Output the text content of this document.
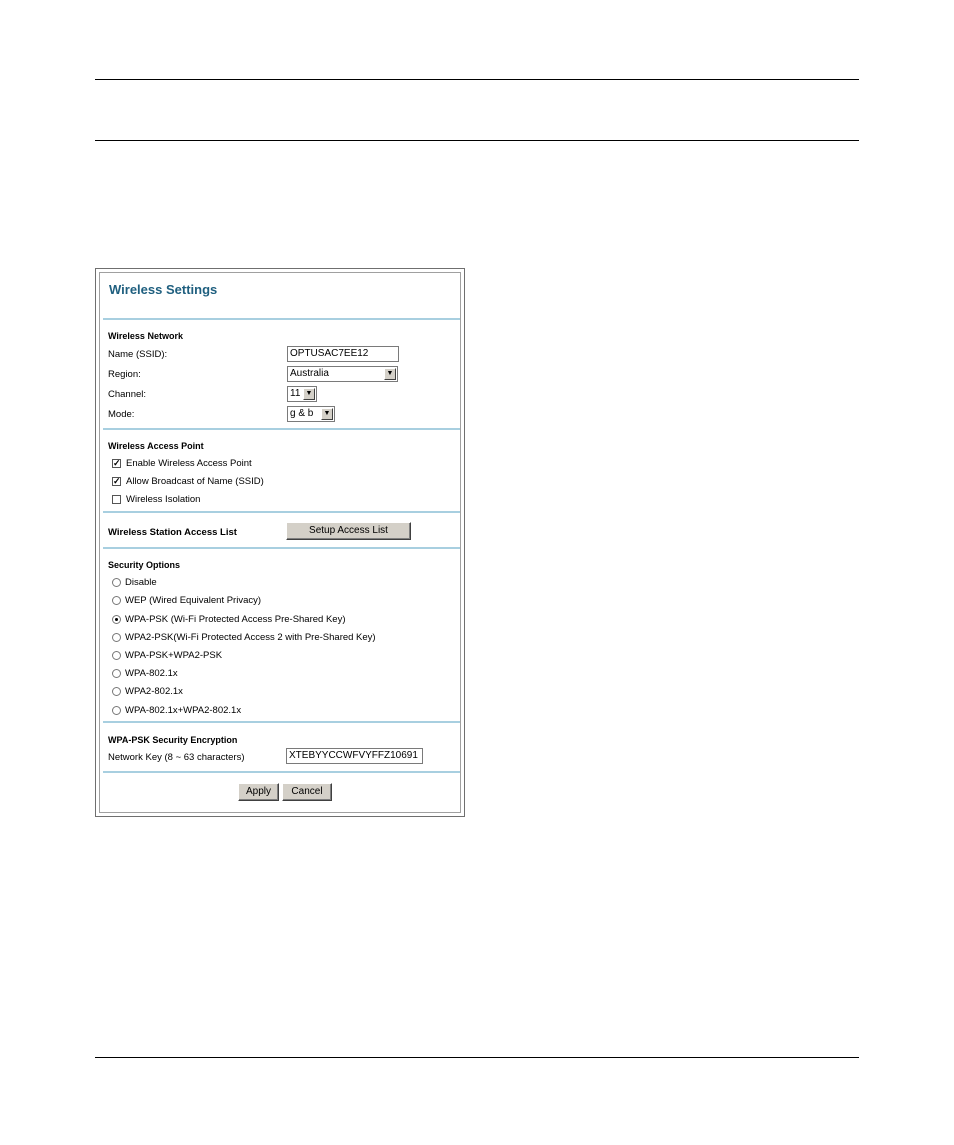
Wireless Settings
Wireless Network
Name (SSID):	OPTUSAC7EE12
Region:	Australia	▼
Channel:	11 ▼
Mode:	g & b	▼
Wireless Access Point
✓ Enable Wireless Access Point
✓ Allow Broadcast of Name (SSID)
Wireless Isolation
Wireless Station Access List	Setup Access List
Security Options
Disable
WEP (Wired Equivalent Privacy)
WPA-PSK (Wi-Fi Protected Access Pre-Shared Key)
WPA2-PSK(Wi-Fi Protected Access 2 with Pre-Shared Key)
WPA-PSK+WPA2-PSK
WPA-802.1x
WPA2-802.1x
WPA-802.1x+WPA2-802.1x
WPA-PSK Security Encryption
Network Key (8 ~ 63 characters)	XTEBYYCCWFVYFFZ10691
Apply	Cancel
